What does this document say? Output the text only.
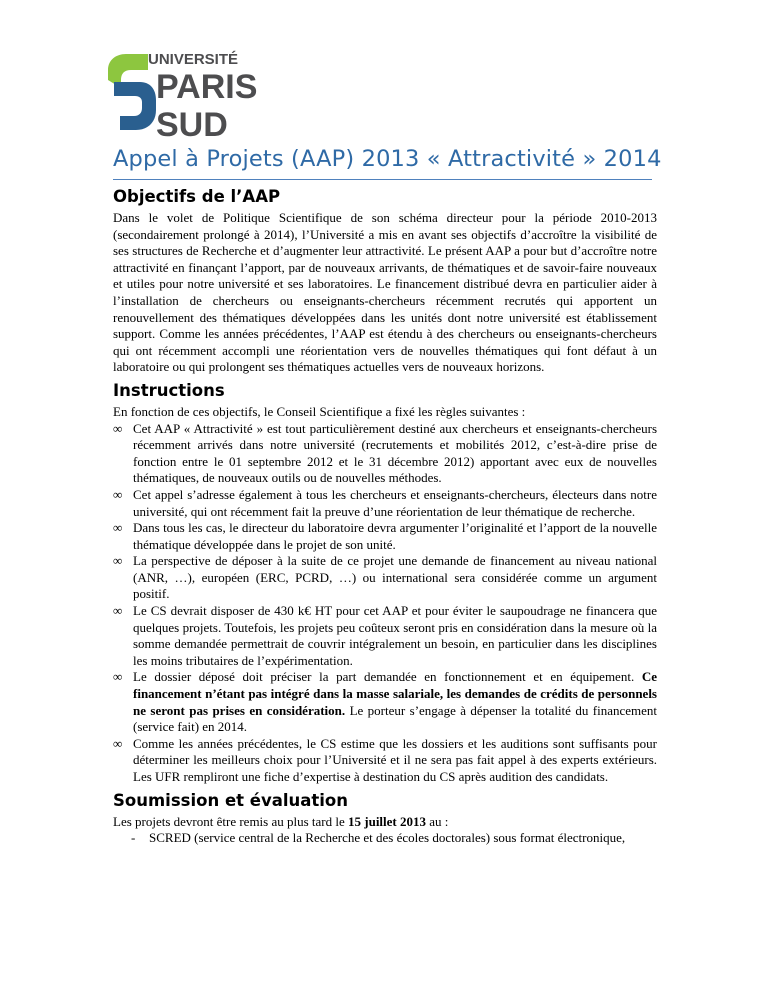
UNIVERSITÉ
PARIS
SUD
Appel à Projets (AAP) 2013 « Attractivité » 2014
Objectifs de l’AAP

Dans le volet de Politique Scientifique de son schéma directeur pour la période 2010-2013 (secondairement prolongé à 2014), l’Université a mis en avant ses objectifs d’accroître la visibilité de ses structures de Recherche et d’augmenter leur attractivité. Le présent AAP a pour but d’accroître notre attractivité en finançant l’apport, par de nouveaux arrivants, de thématiques et de savoir-faire nouveaux et utiles pour notre université et ses laboratoires. Le financement distribué devra en particulier aider à l’installation de chercheurs ou enseignants-chercheurs récemment recrutés qui apportent un renouvellement des thématiques développées dans les unités dont notre université est établissement support. Comme les années précédentes, l’AAP est étendu à des chercheurs ou enseignants-chercheurs qui ont récemment accompli une réorientation vers de nouvelles thématiques qui font défaut à un laboratoire ou qui prolongent ses thématiques actuelles vers de nouveaux horizons.

Instructions

En fonction de ces objectifs, le Conseil Scientifique a fixé les règles suivantes :

∞ Cet AAP « Attractivité » est tout particulièrement destiné aux chercheurs et enseignants-chercheurs récemment arrivés dans notre université (recrutements et mobilités 2012, c’est-à-dire prise de fonction entre le 01 septembre 2012 et le 31 décembre 2012) apportant avec eux de nouvelles thématiques, de nouveaux outils ou de nouvelles méthodes.
∞ Cet appel s’adresse également à tous les chercheurs et enseignants-chercheurs, électeurs dans notre université, qui ont récemment fait la preuve d’une réorientation de leur thématique de recherche.
∞ Dans tous les cas, le directeur du laboratoire devra argumenter l’originalité et l’apport de la nouvelle thématique développée dans le projet de son unité.
∞ La perspective de déposer à la suite de ce projet une demande de financement au niveau national (ANR, …), européen (ERC, PCRD, …) ou international sera considérée comme un argument positif.
∞ Le CS devrait disposer de 430 k€ HT pour cet AAP et pour éviter le saupoudrage ne financera que quelques projets. Toutefois, les projets peu coûteux seront pris en considération dans la mesure où la somme demandée permettrait de couvrir intégralement un besoin, en particulier dans les disciplines les moins tributaires de l’expérimentation.
∞ Le dossier déposé doit préciser la part demandée en fonctionnement et en équipement. Ce financement n’étant pas intégré dans la masse salariale, les demandes de crédits de personnels ne seront pas prises en considération. Le porteur s’engage à dépenser la totalité du financement (service fait) en 2014.
∞ Comme les années précédentes, le CS estime que les dossiers et les auditions sont suffisants pour déterminer les meilleurs choix pour l’Université et il ne sera pas fait appel à des experts extérieurs. Les UFR rempliront une fiche d’expertise à destination du CS après audition des candidats.
Soumission et évaluation

Les projets devront être remis au plus tard le 15 juillet 2013 au :

- SCRED (service central de la Recherche et des écoles doctorales) sous format électronique,
